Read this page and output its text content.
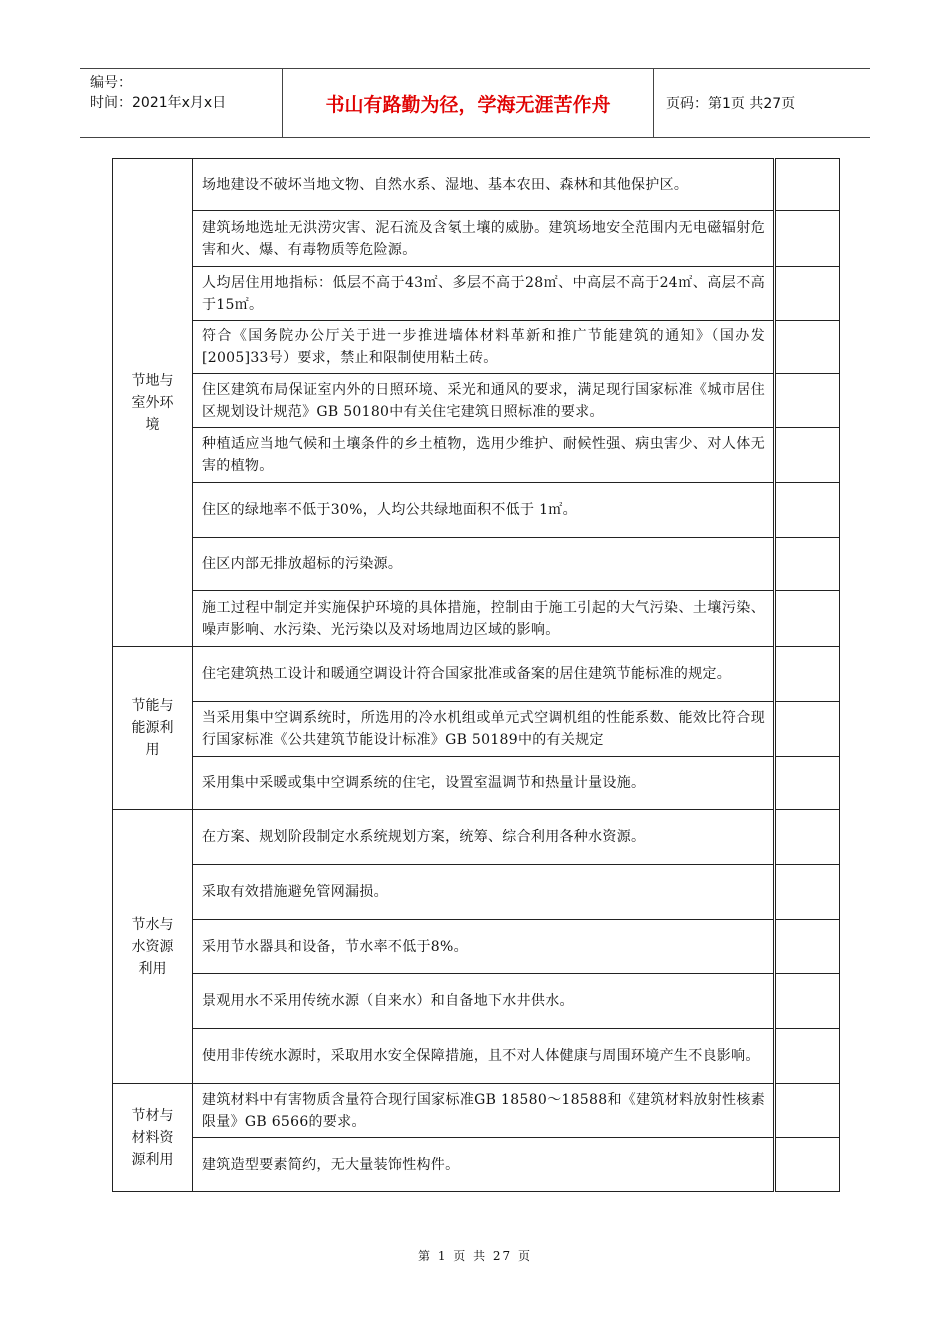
编号：
时间：2021年x月x日	书山有路勤为径，学海无涯苦作舟	页码：第1页 共27页
节地与室外环境	场地建设不破坏当地文物、自然水系、湿地、基本农田、森林和其他保护区。	
	建筑场地选址无洪涝灾害、泥石流及含氡土壤的威胁。建筑场地安全范围内无电磁辐射危害和火、爆、有毒物质等危险源。	
	人均居住用地指标：低层不高于43㎡、多层不高于28㎡、中高层不高于24㎡、高层不高于15㎡。	
	符合《国务院办公厅关于进一步推进墙体材料革新和推广节能建筑的通知》（国办发[2005]33号）要求，禁止和限制使用粘土砖。	
	住区建筑布局保证室内外的日照环境、采光和通风的要求，满足现行国家标准《城市居住区规划设计规范》GB 50180中有关住宅建筑日照标准的要求。	
	种植适应当地气候和土壤条件的乡土植物，选用少维护、耐候性强、病虫害少、对人体无害的植物。	
	住区的绿地率不低于30%，人均公共绿地面积不低于 1㎡。	
	住区内部无排放超标的污染源。	
	施工过程中制定并实施保护环境的具体措施，控制由于施工引起的大气污染、土壤污染、噪声影响、水污染、光污染以及对场地周边区域的影响。	
节能与能源利用	住宅建筑热工设计和暖通空调设计符合国家批准或备案的居住建筑节能标准的规定。	
	当采用集中空调系统时，所选用的冷水机组或单元式空调机组的性能系数、能效比符合现行国家标准《公共建筑节能设计标准》GB 50189中的有关规定	
	采用集中采暖或集中空调系统的住宅，设置室温调节和热量计量设施。	
节水与水资源利用	在方案、规划阶段制定水系统规划方案，统筹、综合利用各种水资源。	
	采取有效措施避免管网漏损。	
	采用节水器具和设备，节水率不低于8%。	
	景观用水不采用传统水源（自来水）和自备地下水井供水。	
	使用非传统水源时，采取用水安全保障措施，且不对人体健康与周围环境产生不良影响。	
节材与材料资源利用	建筑材料中有害物质含量符合现行国家标准GB 18580～18588和《建筑材料放射性核素限量》GB 6566的要求。	
	建筑造型要素简约，无大量装饰性构件。	
第 1 页 共 27 页
